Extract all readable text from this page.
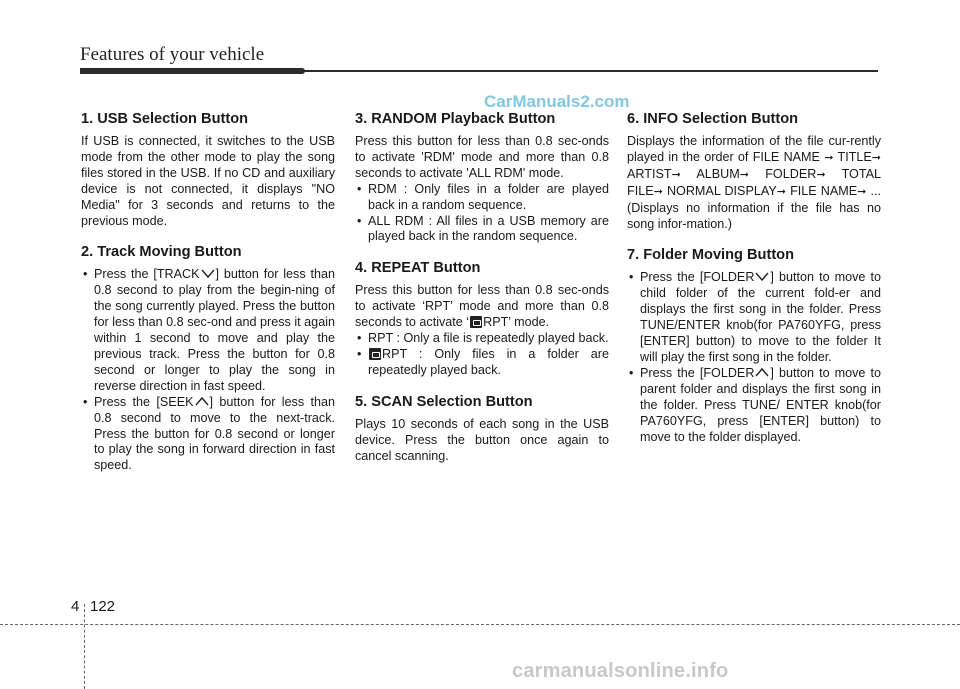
Features of your vehicle
CarManuals2.com
1. USB Selection Button

If USB is connected, it switches to the USB mode from the other mode to play the song files stored in the USB. If no CD and auxiliary device is not connected, it displays "NO Media" for 3 seconds and returns to the previous mode.

2. Track Moving Button
• Press the [TRACK ] button for less than 0.8 second to play from the begin-ning of the song currently played. Press the button for less than 0.8 sec-ond and press it again within 1 second to move and play the previous track. Press the button for 0.8 second or longer to play the song in reverse direction in fast speed.
• Press the [SEEK ] button for less than 0.8 second to move to the next-track. Press the button for 0.8 second or longer to play the song in forward direction in fast speed.
3. RANDOM Playback Button

Press this button for less than 0.8 sec-onds to activate 'RDM' mode and more than 0.8 seconds to activate 'ALL RDM' mode.

• RDM : Only files in a folder are played back in a random sequence.
• ALL RDM : All files in a USB memory are played back in the random sequence.
4. REPEAT Button

Press this button for less than 0.8 sec-onds to activate ‘RPT’ mode and more than 0.8 seconds to activate ‘ RPT’ mode.

• RPT : Only a file is repeatedly played back.
• RPT : Only files in a folder are repeatedly played back.
5. SCAN Selection Button

Plays 10 seconds of each song in the USB device. Press the button once again to cancel scanning.

6. INFO Selection Button

Displays the information of the file cur-rently played in the order of FILE NAME ➞ TITLE➞ ARTIST➞ ALBUM➞ FOLDER➞ TOTAL FILE➞ NORMAL DISPLAY➞ FILE NAME➞ ... (Displays no information if the file has no song infor-mation.)

7. Folder Moving Button
• Press the [FOLDER ] button to move to child folder of the current fold-er and displays the first song in the folder. Press TUNE/ENTER knob(for PA760YFG, press [ENTER] button) to move to the folder It will play the first song in the folder.
• Press the [FOLDER ] button to move to parent folder and displays the first song in the folder. Press TUNE/ ENTER knob(for PA760YFG, press [ENTER] button) to move to the folder displayed.
4 122
carmanualsonline.info
